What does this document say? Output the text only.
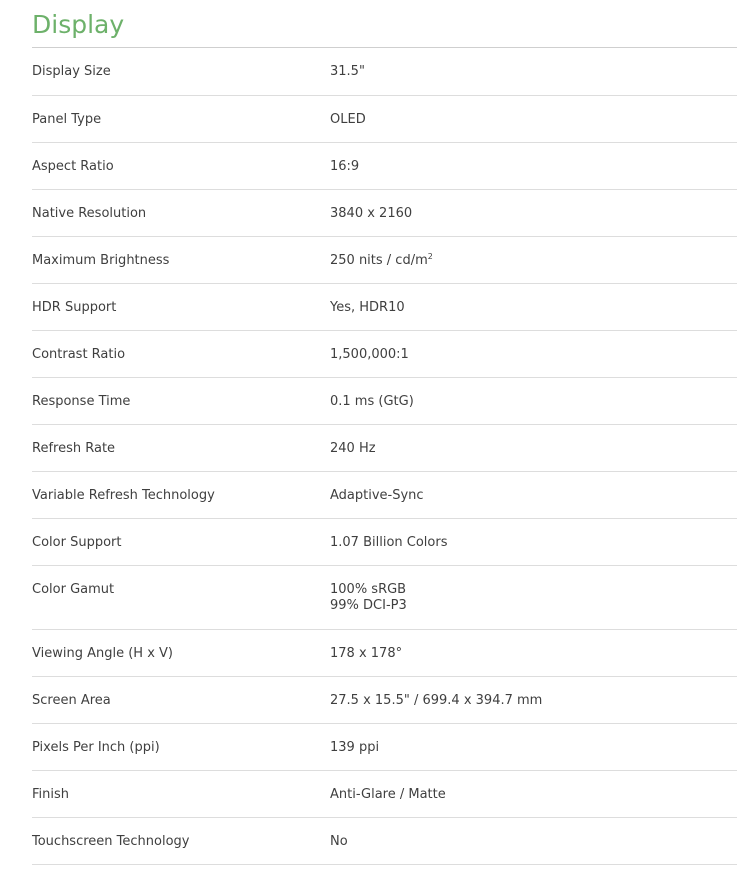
Display
Display Size	31.5"
Panel Type	OLED
Aspect Ratio	16:9
Native Resolution	3840 x 2160
Maximum Brightness	250 nits / $cd/m^2$
HDR Support	Yes, HDR10
Contrast Ratio	1,500,000:1
Response Time	0.1 ms (GtG)
Refresh Rate	240 Hz
Variable Refresh Technology	Adaptive-Sync
Color Support	1.07 Billion Colors
Color Gamut	100% sRGB
99% DCI-P3

Viewing Angle (H x V)	178 x 178°
Screen Area	27.5 x 15.5" / 699.4 x 394.7 mm
Pixels Per Inch (ppi)	139 ppi
Finish	Anti-Glare / Matte
Touchscreen Technology	No
